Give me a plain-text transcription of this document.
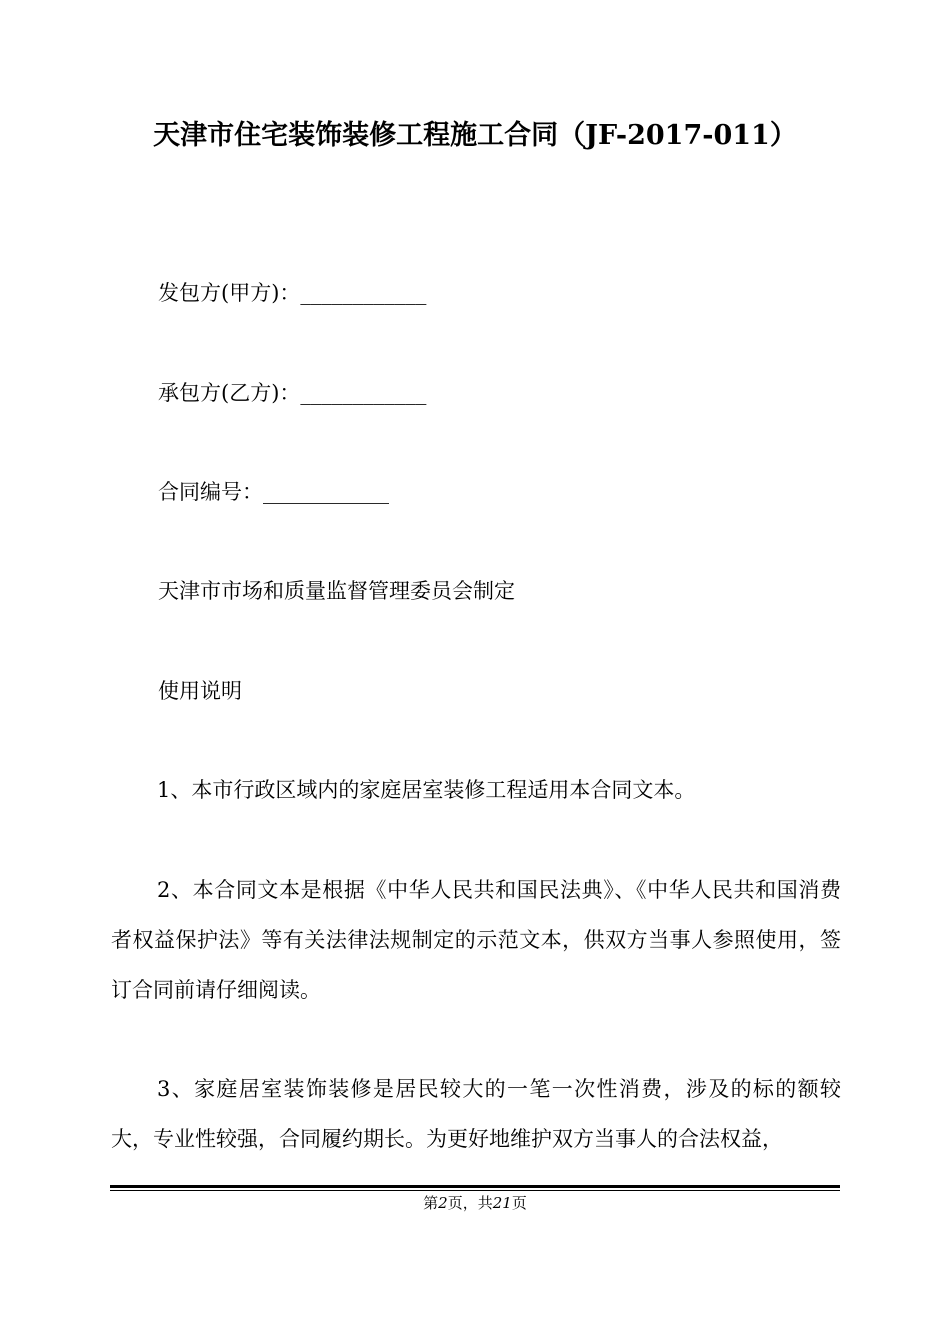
天津市住宅装饰装修工程施工合同（JF-2017-011）
发包方(甲方)：____________
承包方(乙方)：____________
合同编号：____________
天津市市场和质量监督管理委员会制定
使用说明
1、本市行政区域内的家庭居室装修工程适用本合同文本。
2、本合同文本是根据《中华人民共和国民法典》、《中华人民共和国消费者权益保护法》等有关法律法规制定的示范文本，供双方当事人参照使用，签订合同前请仔细阅读。
3、家庭居室装饰装修是居民较大的一笔一次性消费，涉及的标的额较大，专业性较强，合同履约期长。为更好地维护双方当事人的合法权益，
第2页，共21页
